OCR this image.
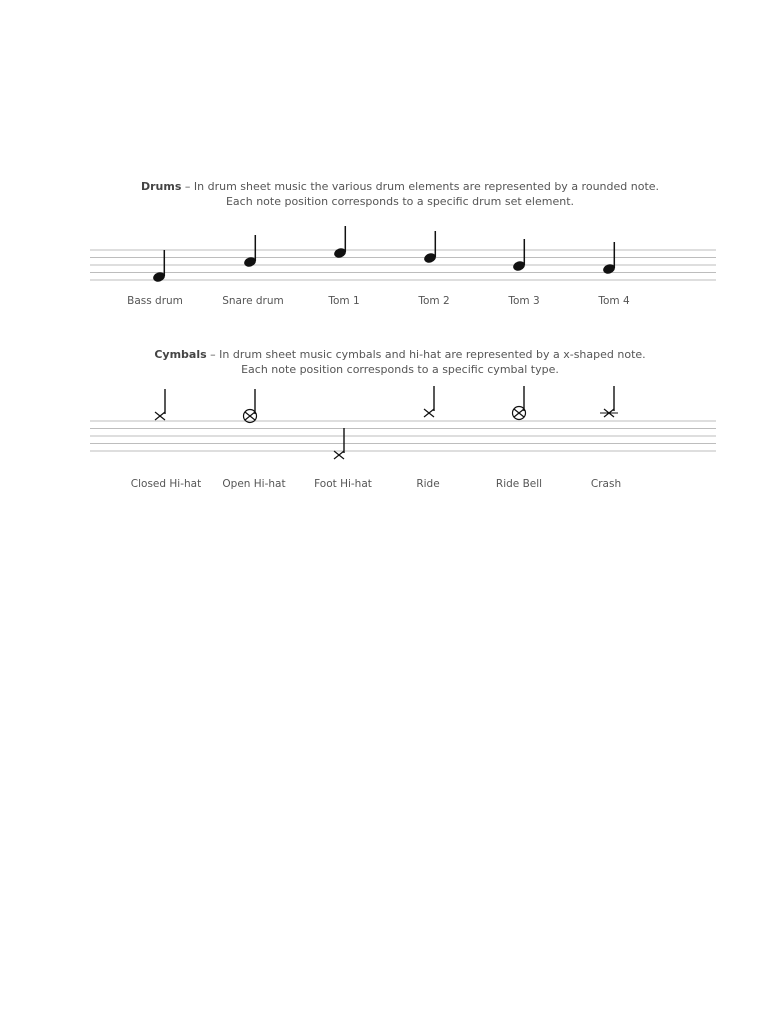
Drums – In drum sheet music the various drum elements are represented by a rounded note.
Each note position corresponds to a specific drum set element.
Bass drum	Snare drum	Tom 1	Tom 2	Tom 3	Tom 4
Cymbals – In drum sheet music cymbals and hi-hat are represented by a x-shaped note.
Each note position corresponds to a specific cymbal type.
Closed Hi-hat Open Hi-hat	Foot Hi-hat	Ride	Ride Bell	Crash
